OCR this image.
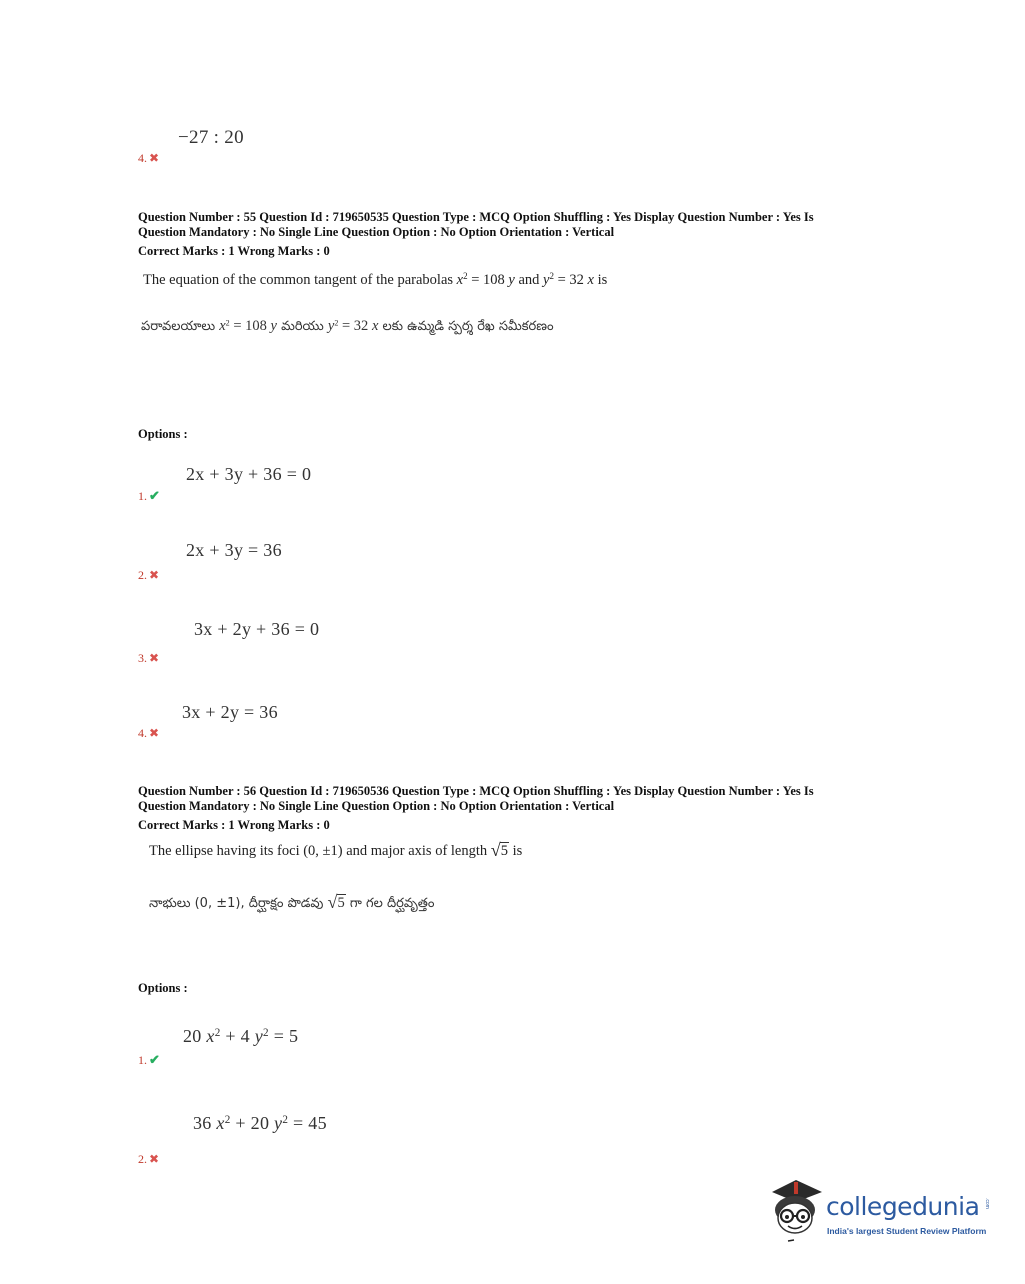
−27 : 20
4. ✖
Question Number : 55 Question Id : 719650535 Question Type : MCQ Option Shuffling : Yes Display Question Number : Yes Is
Question Mandatory : No Single Line Question Option : No Option Orientation : Vertical
Correct Marks : 1 Wrong Marks : 0
The equation of the common tangent of the parabolas $x^2 = 108$ y and $y^2 = 32$ x is
పరావలయాలు $x^2 = 108$ y మరియు $y^2 = 32$ x లకు ఉమ్మడి స్పర్శ రేఖ సమీకరణం
Options :
2x + 3y + 36 = 0
1. ✔
2x + 3y = 36
2. ✖
3x + 2y + 36 = 0
3. ✖
3x + 2y = 36
4. ✖
Question Number : 56 Question Id : 719650536 Question Type : MCQ Option Shuffling : Yes Display Question Number : Yes Is
Question Mandatory : No Single Line Question Option : No Option Orientation : Vertical
Correct Marks : 1 Wrong Marks : 0
The ellipse having its foci (0, ±1) and major axis of length √ 5 is
నాభులు (0, ±1), దీర్ఘాక్షం పొడవు √ 5 గా గల దీర్ఘవృత్తం
Options :
20 $x^2 + 4$ $y^2 = 5$
1. ✔
36 $x^2 + 20$ $y^2 = 45$
2. ✖
collegedunia .com
India's largest Student Review Platform
